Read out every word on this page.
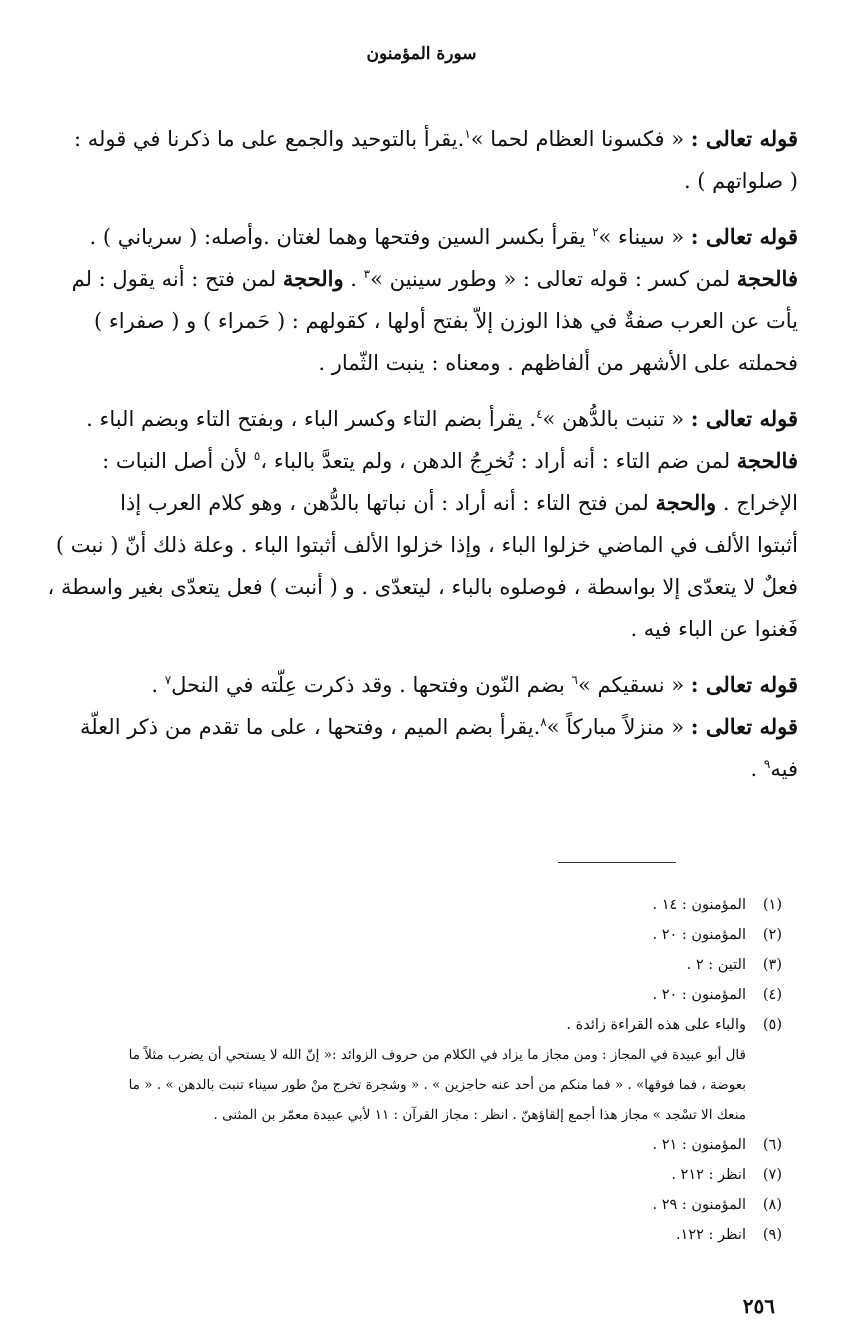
سورة المؤمنون
قوله تعالى : « فكسونا العظام لحما »$^١$.يقرأ بالتوحيد والجمع على ما ذكرنا في قوله :
( صلواتهم ) .
قوله تعالى : « سيناء »$^٢$ يقرأ بكسر السين وفتحها وهما لغتان .وأصله: ( سرياني ) .
فالحجة لمن كسر : قوله تعالى : « وطور سينين »$^٣$ . والحجة لمن فتح : أنه يقول : لم
يأت عن العرب صفةٌ في هذا الوزن إلاّ بفتح أولها ، كقولهم : ( حَمراء ) و ( صفراء )
فحملته على الأشهر من ألفاظهم . ومعناه : ينبت الثّمار .
قوله تعالى : « تنبت بالدُّهن »$^٤$. يقرأ بضم التاء وكسر الباء ، وبفتح التاء وبضم الباء .
فالحجة لمن ضم التاء : أنه أراد : تُخرِجُ الدهن ، ولم يتعدَّ بالباء ،$^٥$ لأن أصل النبات :
الإخراج . والحجة لمن فتح التاء : أنه أراد : أن نباتها بالدُّهن ، وهو كلام العرب إذا
أثبتوا الألف في الماضي خزلوا الباء ، وإذا خزلوا الألف أثبتوا الباء . وعلة ذلك أنّ ( نبت )
فعلٌ لا يتعدّى إلا بواسطة ، فوصلوه بالباء ، ليتعدّى . و ( أنبت ) فعل يتعدّى بغير واسطة ،
فَغنوا عن الباء فيه .
قوله تعالى : « نسقيكم »$^٦$ بضم النّون وفتحها . وقد ذكرت عِلّته في النحل$^٧$ .
قوله تعالى : « منزلاً مباركاً »$^٨$.يقرأ بضم الميم ، وفتحها ، على ما تقدم من ذكر العلّة
فيه$^٩$ .
(١)
المؤمنون : ١٤ .
(٢)
المؤمنون : ٢٠ .
(٣)
التين : ٢ .
(٤)
المؤمنون : ٢٠ .
(٥)
والباء على هذه القراءة زائدة .
قال أبو عبيدة في المجاز : ومن مجاز ما يزاد في الكلام من حروف الزوائد :« إنّ الله لا يستحي أن يضرب مثلاً ما
بعوضة ، فما فوقها» . « فما منكم من أحد عنه حاجزين » . « وشجرة تخرج منْ طور سيناء تنبت بالدهن » . « ما
منعك الا تسْجد » مجاز هذا أجمع إلقاؤهنّ . انظر : مجاز القرآن : ١١ لأبي عبيدة معمّر بن المثنى .
(٦)
المؤمنون : ٢١ .
(٧)
انظر : ٢١٢ .
(٨)
المؤمنون : ٢٩ .
(٩)
انظر : ١٢٢.
٢٥٦
